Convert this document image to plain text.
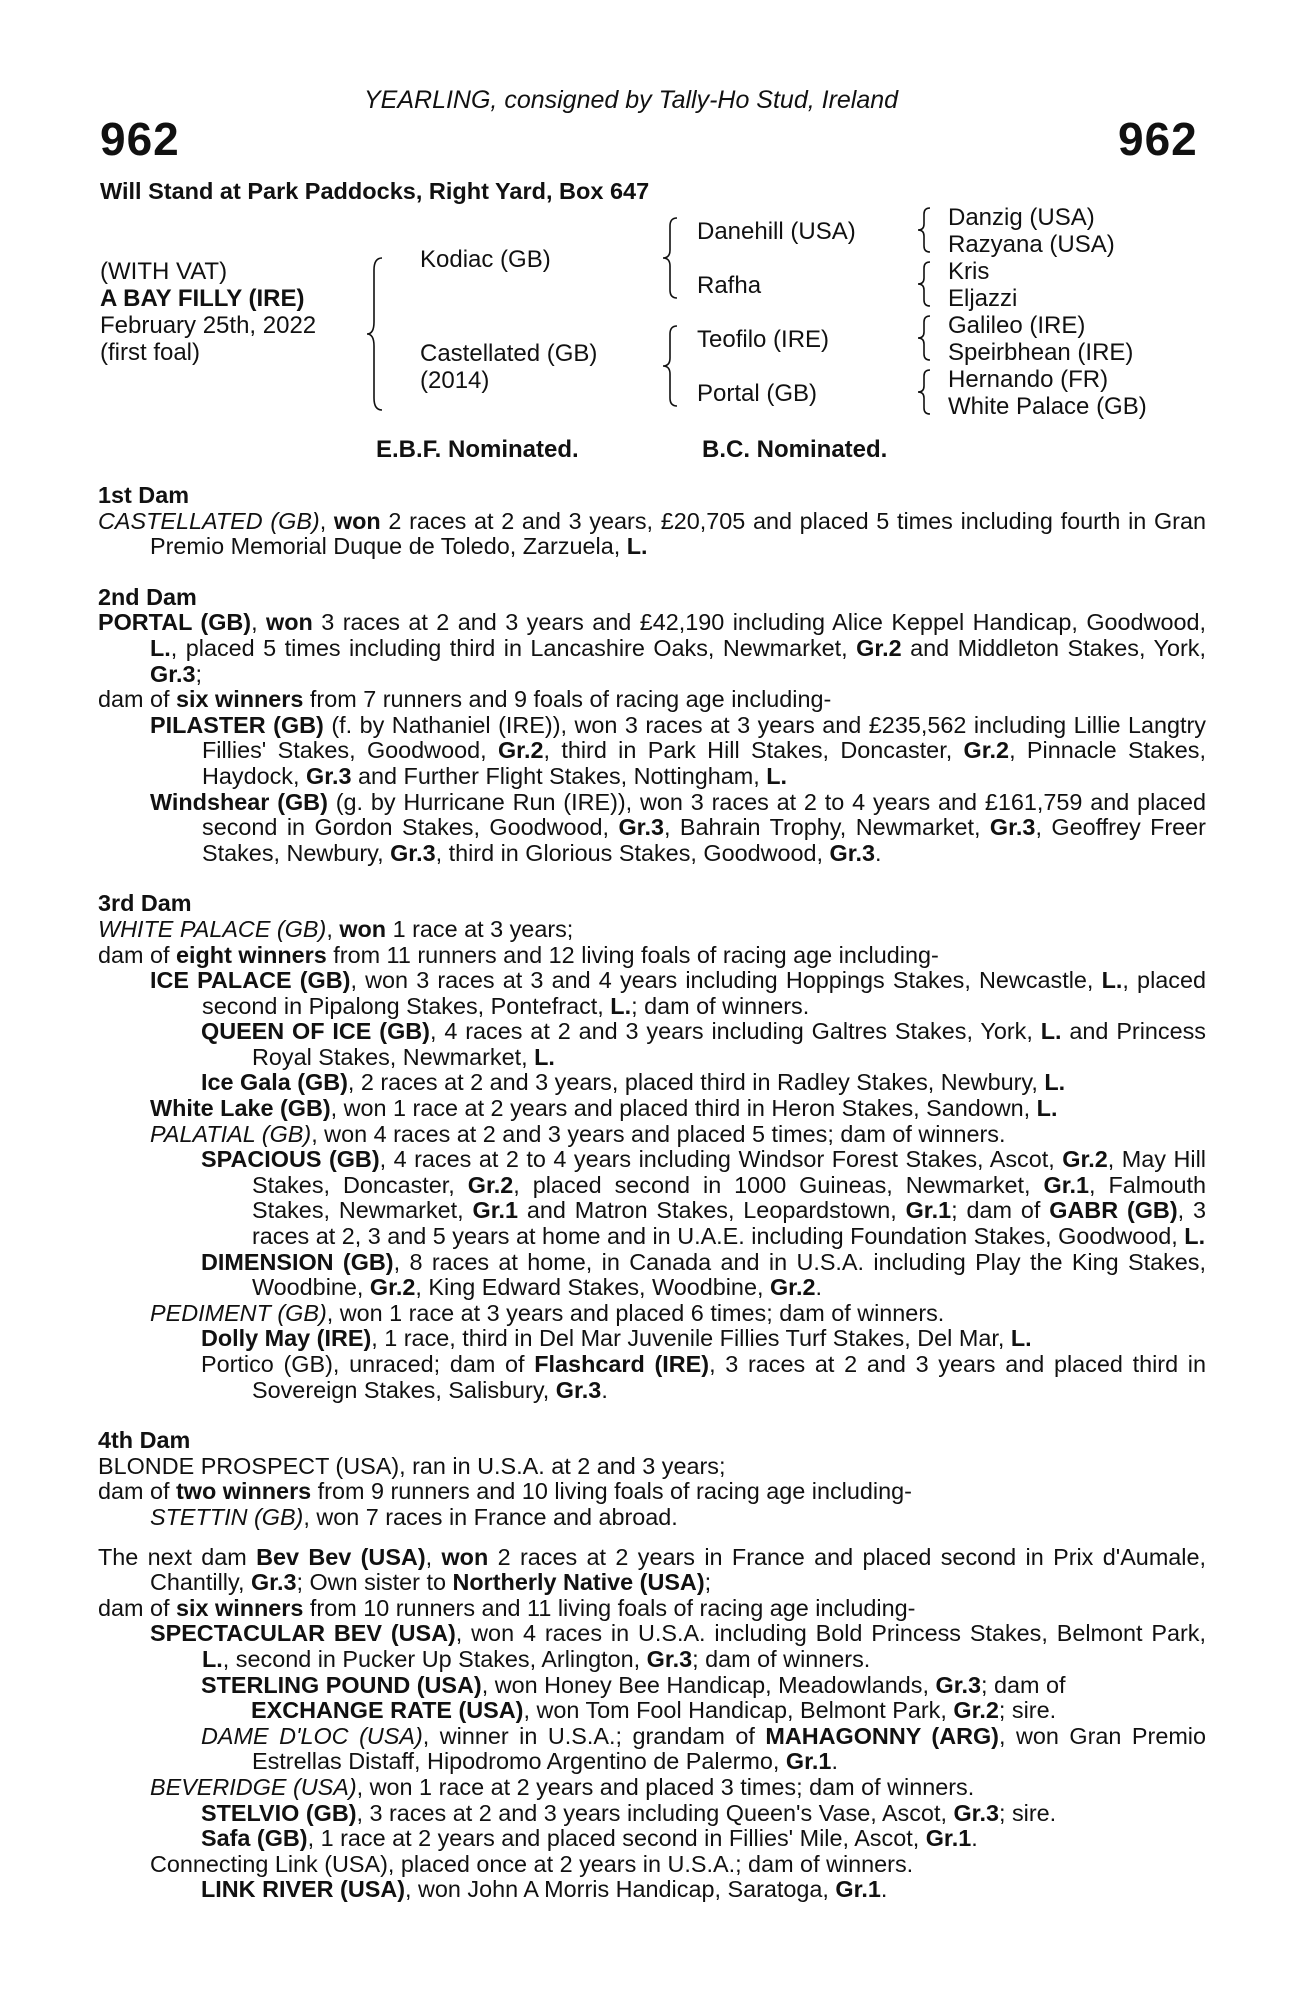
YEARLING, consigned by Tally-Ho Stud, Ireland
962	962
Will Stand at Park Paddocks, Right Yard, Box 647
(WITH VAT)
A BAY FILLY (IRE)
February 25th, 2022
(first foal)
Kodiac (GB)
Castellated (GB)
(2014)
Danehill (USA)
Rafha
Teofilo (IRE)
Portal (GB)
Danzig (USA)
Razyana (USA)
Kris
Eljazzi
Galileo (IRE)
Speirbhean (IRE)
Hernando (FR)
White Palace (GB)
E.B.F. Nominated.	B.C. Nominated.
1st Dam
CASTELLATED (GB), won 2 races at 2 and 3 years, £20,705 and placed 5 times including fourth in Gran Premio Memorial Duque de Toledo, Zarzuela, L.
2nd Dam
PORTAL (GB), won 3 races at 2 and 3 years and £42,190 including Alice Keppel Handicap, Goodwood, L., placed 5 times including third in Lancashire Oaks, Newmarket, Gr.2 and Middleton Stakes, York, Gr.3;
dam of six winners from 7 runners and 9 foals of racing age including-
PILASTER (GB) (f. by Nathaniel (IRE)), won 3 races at 3 years and £235,562 including Lillie Langtry Fillies' Stakes, Goodwood, Gr.2, third in Park Hill Stakes, Doncaster, Gr.2, Pinnacle Stakes, Haydock, Gr.3 and Further Flight Stakes, Nottingham, L.
Windshear (GB) (g. by Hurricane Run (IRE)), won 3 races at 2 to 4 years and £161,759 and placed second in Gordon Stakes, Goodwood, Gr.3, Bahrain Trophy, Newmarket, Gr.3, Geoffrey Freer Stakes, Newbury, Gr.3, third in Glorious Stakes, Goodwood, Gr.3.
3rd Dam
WHITE PALACE (GB), won 1 race at 3 years;
dam of eight winners from 11 runners and 12 living foals of racing age including-
ICE PALACE (GB), won 3 races at 3 and 4 years including Hoppings Stakes, Newcastle, L., placed second in Pipalong Stakes, Pontefract, L.; dam of winners.
QUEEN OF ICE (GB), 4 races at 2 and 3 years including Galtres Stakes, York, L. and Princess Royal Stakes, Newmarket, L.
Ice Gala (GB), 2 races at 2 and 3 years, placed third in Radley Stakes, Newbury, L.
White Lake (GB), won 1 race at 2 years and placed third in Heron Stakes, Sandown, L.
PALATIAL (GB), won 4 races at 2 and 3 years and placed 5 times; dam of winners.
SPACIOUS (GB), 4 races at 2 to 4 years including Windsor Forest Stakes, Ascot, Gr.2, May Hill Stakes, Doncaster, Gr.2, placed second in 1000 Guineas, Newmarket, Gr.1, Falmouth Stakes, Newmarket, Gr.1 and Matron Stakes, Leopardstown, Gr.1; dam of GABR (GB), 3 races at 2, 3 and 5 years at home and in U.A.E. including Foundation Stakes, Goodwood, L.
DIMENSION (GB), 8 races at home, in Canada and in U.S.A. including Play the King Stakes, Woodbine, Gr.2, King Edward Stakes, Woodbine, Gr.2.
PEDIMENT (GB), won 1 race at 3 years and placed 6 times; dam of winners.
Dolly May (IRE), 1 race, third in Del Mar Juvenile Fillies Turf Stakes, Del Mar, L.
Portico (GB), unraced; dam of Flashcard (IRE), 3 races at 2 and 3 years and placed third in Sovereign Stakes, Salisbury, Gr.3.
4th Dam
BLONDE PROSPECT (USA), ran in U.S.A. at 2 and 3 years;
dam of two winners from 9 runners and 10 living foals of racing age including-
STETTIN (GB), won 7 races in France and abroad.
The next dam Bev Bev (USA), won 2 races at 2 years in France and placed second in Prix d'Aumale, Chantilly, Gr.3; Own sister to Northerly Native (USA);
dam of six winners from 10 runners and 11 living foals of racing age including-
SPECTACULAR BEV (USA), won 4 races in U.S.A. including Bold Princess Stakes, Belmont Park, L., second in Pucker Up Stakes, Arlington, Gr.3; dam of winners.
STERLING POUND (USA), won Honey Bee Handicap, Meadowlands, Gr.3; dam of
EXCHANGE RATE (USA), won Tom Fool Handicap, Belmont Park, Gr.2; sire.
DAME D'LOC (USA), winner in U.S.A.; grandam of MAHAGONNY (ARG), won Gran Premio Estrellas Distaff, Hipodromo Argentino de Palermo, Gr.1.
BEVERIDGE (USA), won 1 race at 2 years and placed 3 times; dam of winners.
STELVIO (GB), 3 races at 2 and 3 years including Queen's Vase, Ascot, Gr.3; sire.
Safa (GB), 1 race at 2 years and placed second in Fillies' Mile, Ascot, Gr.1.
Connecting Link (USA), placed once at 2 years in U.S.A.; dam of winners.
LINK RIVER (USA), won John A Morris Handicap, Saratoga, Gr.1.
